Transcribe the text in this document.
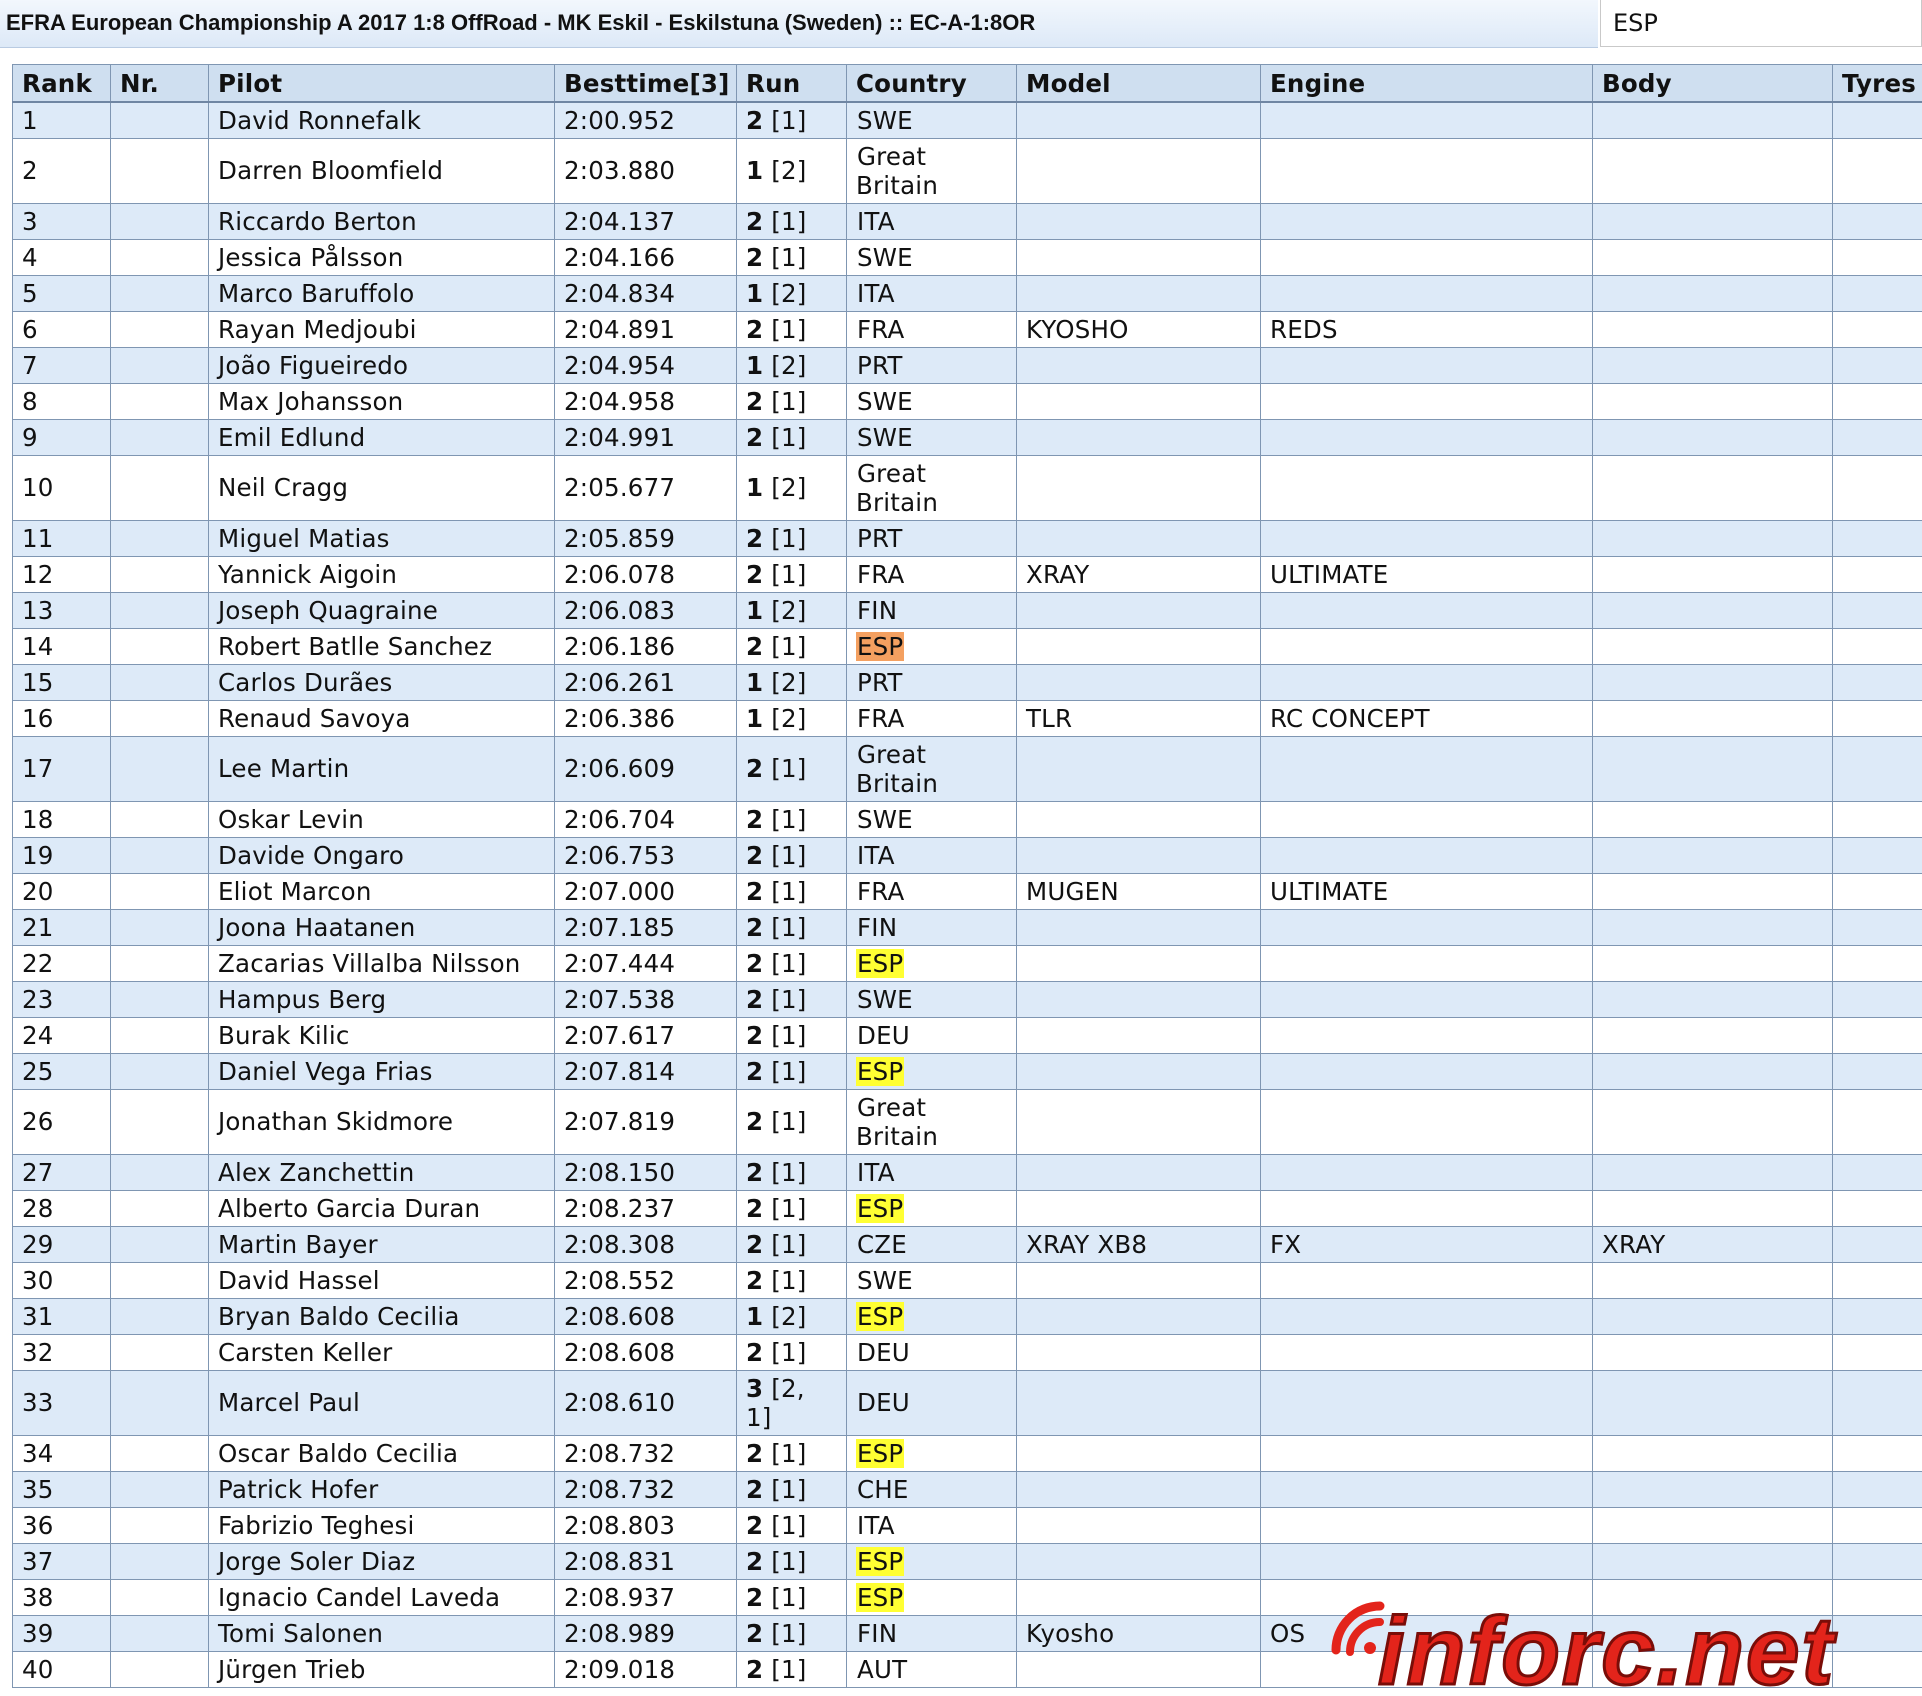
EFRA European Championship A 2017 1:8 OffRoad - MK Eskil - Eskilstuna (Sweden) :: EC-A-1:8OR
ESP
Rank	Nr.	Pilot	Besttime[3]	Run	Country	Model	Engine	Body	Tyres
1		David Ronnefalk	2:00.952	2 [1]	SWE				
2		Darren Bloomfield	2:03.880	1 [2]	Great Britain				
3		Riccardo Berton	2:04.137	2 [1]	ITA				
4		Jessica Pålsson	2:04.166	2 [1]	SWE				
5		Marco Baruffolo	2:04.834	1 [2]	ITA				
6		Rayan Medjoubi	2:04.891	2 [1]	FRA	KYOSHO	REDS		
7		João Figueiredo	2:04.954	1 [2]	PRT				
8		Max Johansson	2:04.958	2 [1]	SWE				
9		Emil Edlund	2:04.991	2 [1]	SWE				
10		Neil Cragg	2:05.677	1 [2]	Great Britain				
11		Miguel Matias	2:05.859	2 [1]	PRT				
12		Yannick Aigoin	2:06.078	2 [1]	FRA	XRAY	ULTIMATE		
13		Joseph Quagraine	2:06.083	1 [2]	FIN				
14		Robert Batlle Sanchez	2:06.186	2 [1]	ESP				
15		Carlos Durães	2:06.261	1 [2]	PRT				
16		Renaud Savoya	2:06.386	1 [2]	FRA	TLR	RC CONCEPT		
17		Lee Martin	2:06.609	2 [1]	Great Britain				
18		Oskar Levin	2:06.704	2 [1]	SWE				
19		Davide Ongaro	2:06.753	2 [1]	ITA				
20		Eliot Marcon	2:07.000	2 [1]	FRA	MUGEN	ULTIMATE		
21		Joona Haatanen	2:07.185	2 [1]	FIN				
22		Zacarias Villalba Nilsson	2:07.444	2 [1]	ESP				
23		Hampus Berg	2:07.538	2 [1]	SWE				
24		Burak Kilic	2:07.617	2 [1]	DEU				
25		Daniel Vega Frias	2:07.814	2 [1]	ESP				
26		Jonathan Skidmore	2:07.819	2 [1]	Great Britain				
27		Alex Zanchettin	2:08.150	2 [1]	ITA				
28		Alberto Garcia Duran	2:08.237	2 [1]	ESP				
29		Martin Bayer	2:08.308	2 [1]	CZE	XRAY XB8	FX	XRAY	
30		David Hassel	2:08.552	2 [1]	SWE				
31		Bryan Baldo Cecilia	2:08.608	1 [2]	ESP				
32		Carsten Keller	2:08.608	2 [1]	DEU				
33		Marcel Paul	2:08.610	3 [2, 1]	DEU				
34		Oscar Baldo Cecilia	2:08.732	2 [1]	ESP				
35		Patrick Hofer	2:08.732	2 [1]	CHE				
36		Fabrizio Teghesi	2:08.803	2 [1]	ITA				
37		Jorge Soler Diaz	2:08.831	2 [1]	ESP				
38		Ignacio Candel Laveda	2:08.937	2 [1]	ESP				
39		Tomi Salonen	2:08.989	2 [1]	FIN	Kyosho	OS		
40		Jürgen Trieb	2:09.018	2 [1]	AUT					inforc.net
